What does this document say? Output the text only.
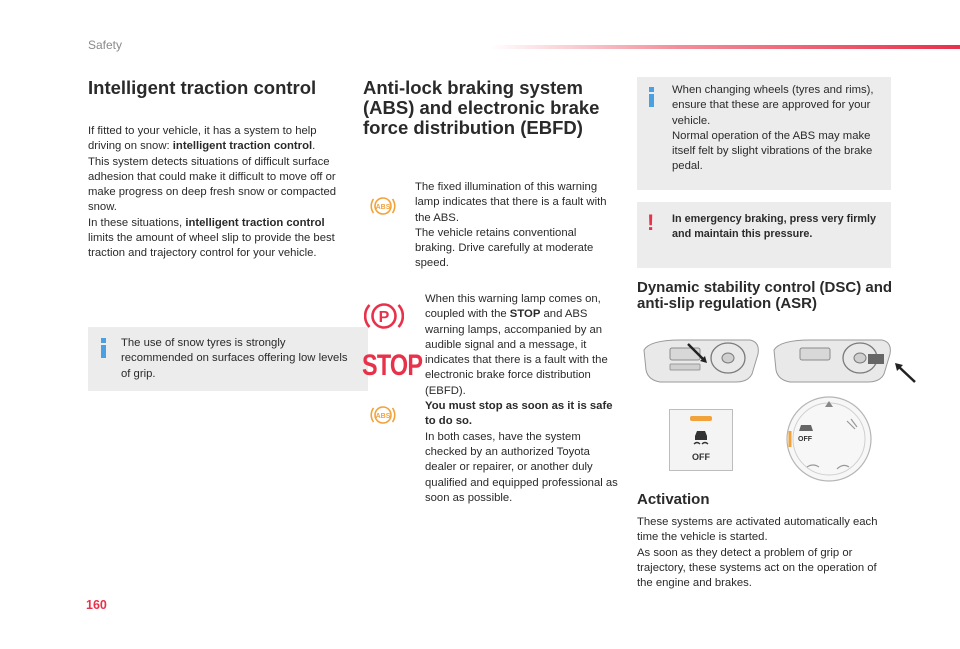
Safety
Intelligent traction control
If fitted to your vehicle, it has a system to help driving on snow: intelligent traction control.
This system detects situations of difficult surface adhesion that could make it difficult to move off or make progress on deep fresh snow or compacted snow.
In these situations, intelligent traction control limits the amount of wheel slip to provide the best traction and trajectory control for your vehicle.
The use of snow tyres is strongly recommended on surfaces offering low levels of grip.
Anti-lock braking system (ABS) and electronic brake force distribution (EBFD)
ABS
The fixed illumination of this warning lamp indicates that there is a fault with the ABS.
The vehicle retains conventional braking. Drive carefully at moderate speed.
P
STOP
ABS
When this warning lamp comes on, coupled with the STOP and ABS warning lamps, accompanied by an audible signal and a message, it indicates that there is a fault with the electronic brake force distribution (EBFD).
You must stop as soon as it is safe to do so.
In both cases, have the system checked by an authorized Toyota dealer or repairer, or another duly qualified and equipped professional as soon as possible.
When changing wheels (tyres and rims), ensure that these are approved for your vehicle.
Normal operation of the ABS may make itself felt by slight vibrations of the brake pedal.
! In emergency braking, press very firmly and maintain this pressure.
Dynamic stability control (DSC) and anti-slip regulation (ASR)
OFF
OFF
Activation
These systems are activated automatically each time the vehicle is started.
As soon as they detect a problem of grip or trajectory, these systems act on the operation of the engine and brakes.
160
